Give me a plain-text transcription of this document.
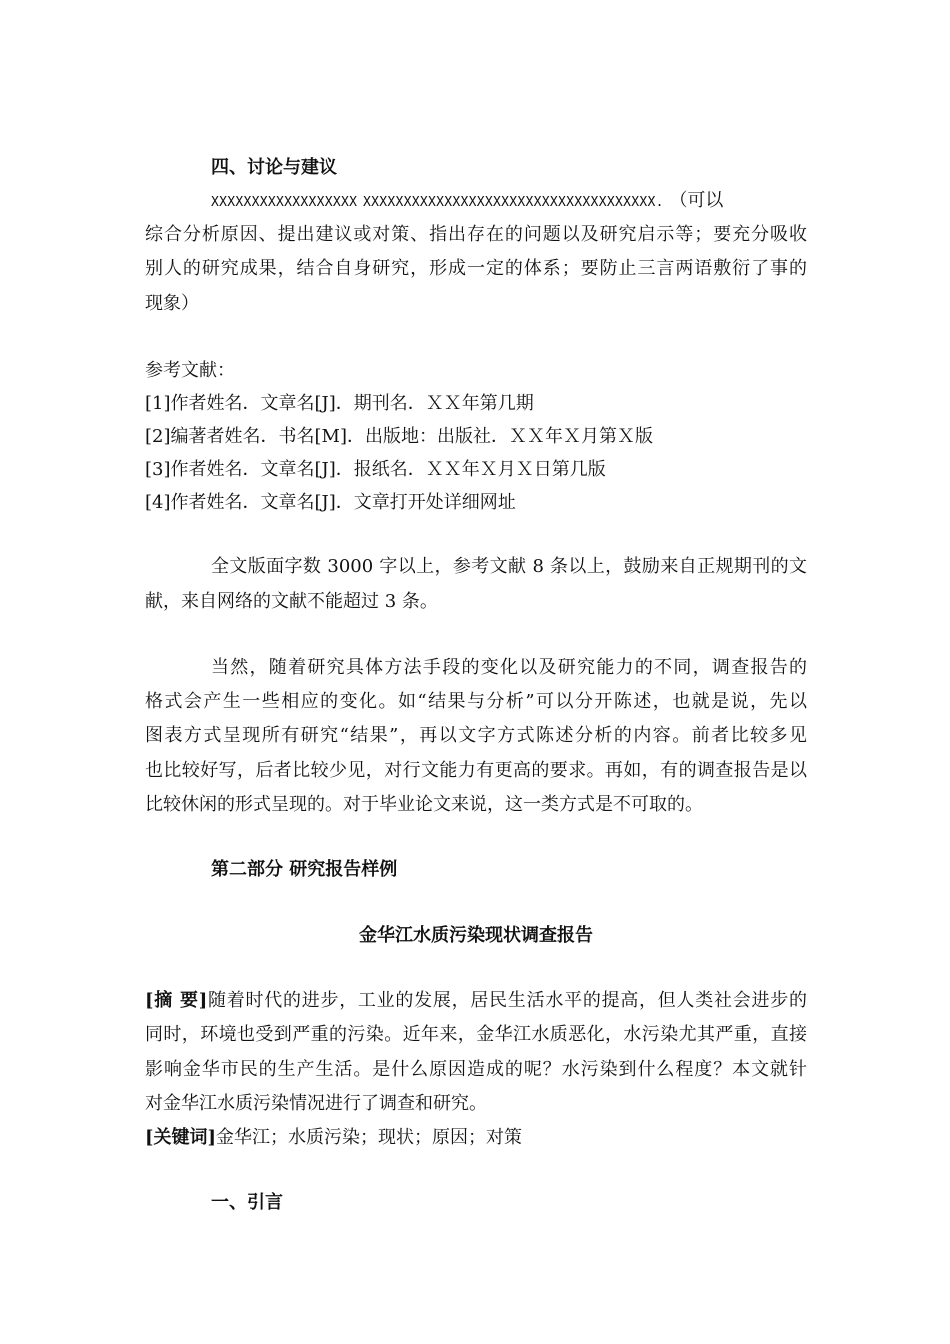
四、讨论与建议
XXXXXXXXXXXXXXXXXX XXXXXXXXXXXXXXXXXXXXXXXXXXXXXXXXXXXX. （可以
综合分析原因、提出建议或对策、指出存在的问题以及研究启示等；要充分吸收
别人的研究成果，结合自身研究，形成一定的体系；要防止三言两语敷衍了事的
现象）
参考文献：
[1]作者姓名．文章名[J]．期刊名．ＸＸ年第几期
[2]编著者姓名．书名[M]．出版地：出版社．ＸＸ年Ｘ月第Ｘ版
[3]作者姓名．文章名[J]．报纸名．ＸＸ年Ｘ月Ｘ日第几版
[4]作者姓名．文章名[J]．文章打开处详细网址
全文版面字数 3000 字以上，参考文献 8 条以上，鼓励来自正规期刊的文
献，来自网络的文献不能超过 3 条。
当然，随着研究具体方法手段的变化以及研究能力的不同，调查报告的
格式会产生一些相应的变化。如“结果与分析”可以分开陈述，也就是说，先以
图表方式呈现所有研究“结果”，再以文字方式陈述分析的内容。前者比较多见
也比较好写，后者比较少见，对行文能力有更高的要求。再如，有的调查报告是以
比较休闲的形式呈现的。对于毕业论文来说，这一类方式是不可取的。
第二部分 研究报告样例
金华江水质污染现状调查报告
[摘 要]随着时代的进步，工业的发展，居民生活水平的提高，但人类社会进步的
同时，环境也受到严重的污染。近年来，金华江水质恶化，水污染尤其严重，直接
影响金华市民的生产生活。是什么原因造成的呢？水污染到什么程度？本文就针
对金华江水质污染情况进行了调查和研究。
[关键词]金华江；水质污染；现状；原因；对策
一、引言
